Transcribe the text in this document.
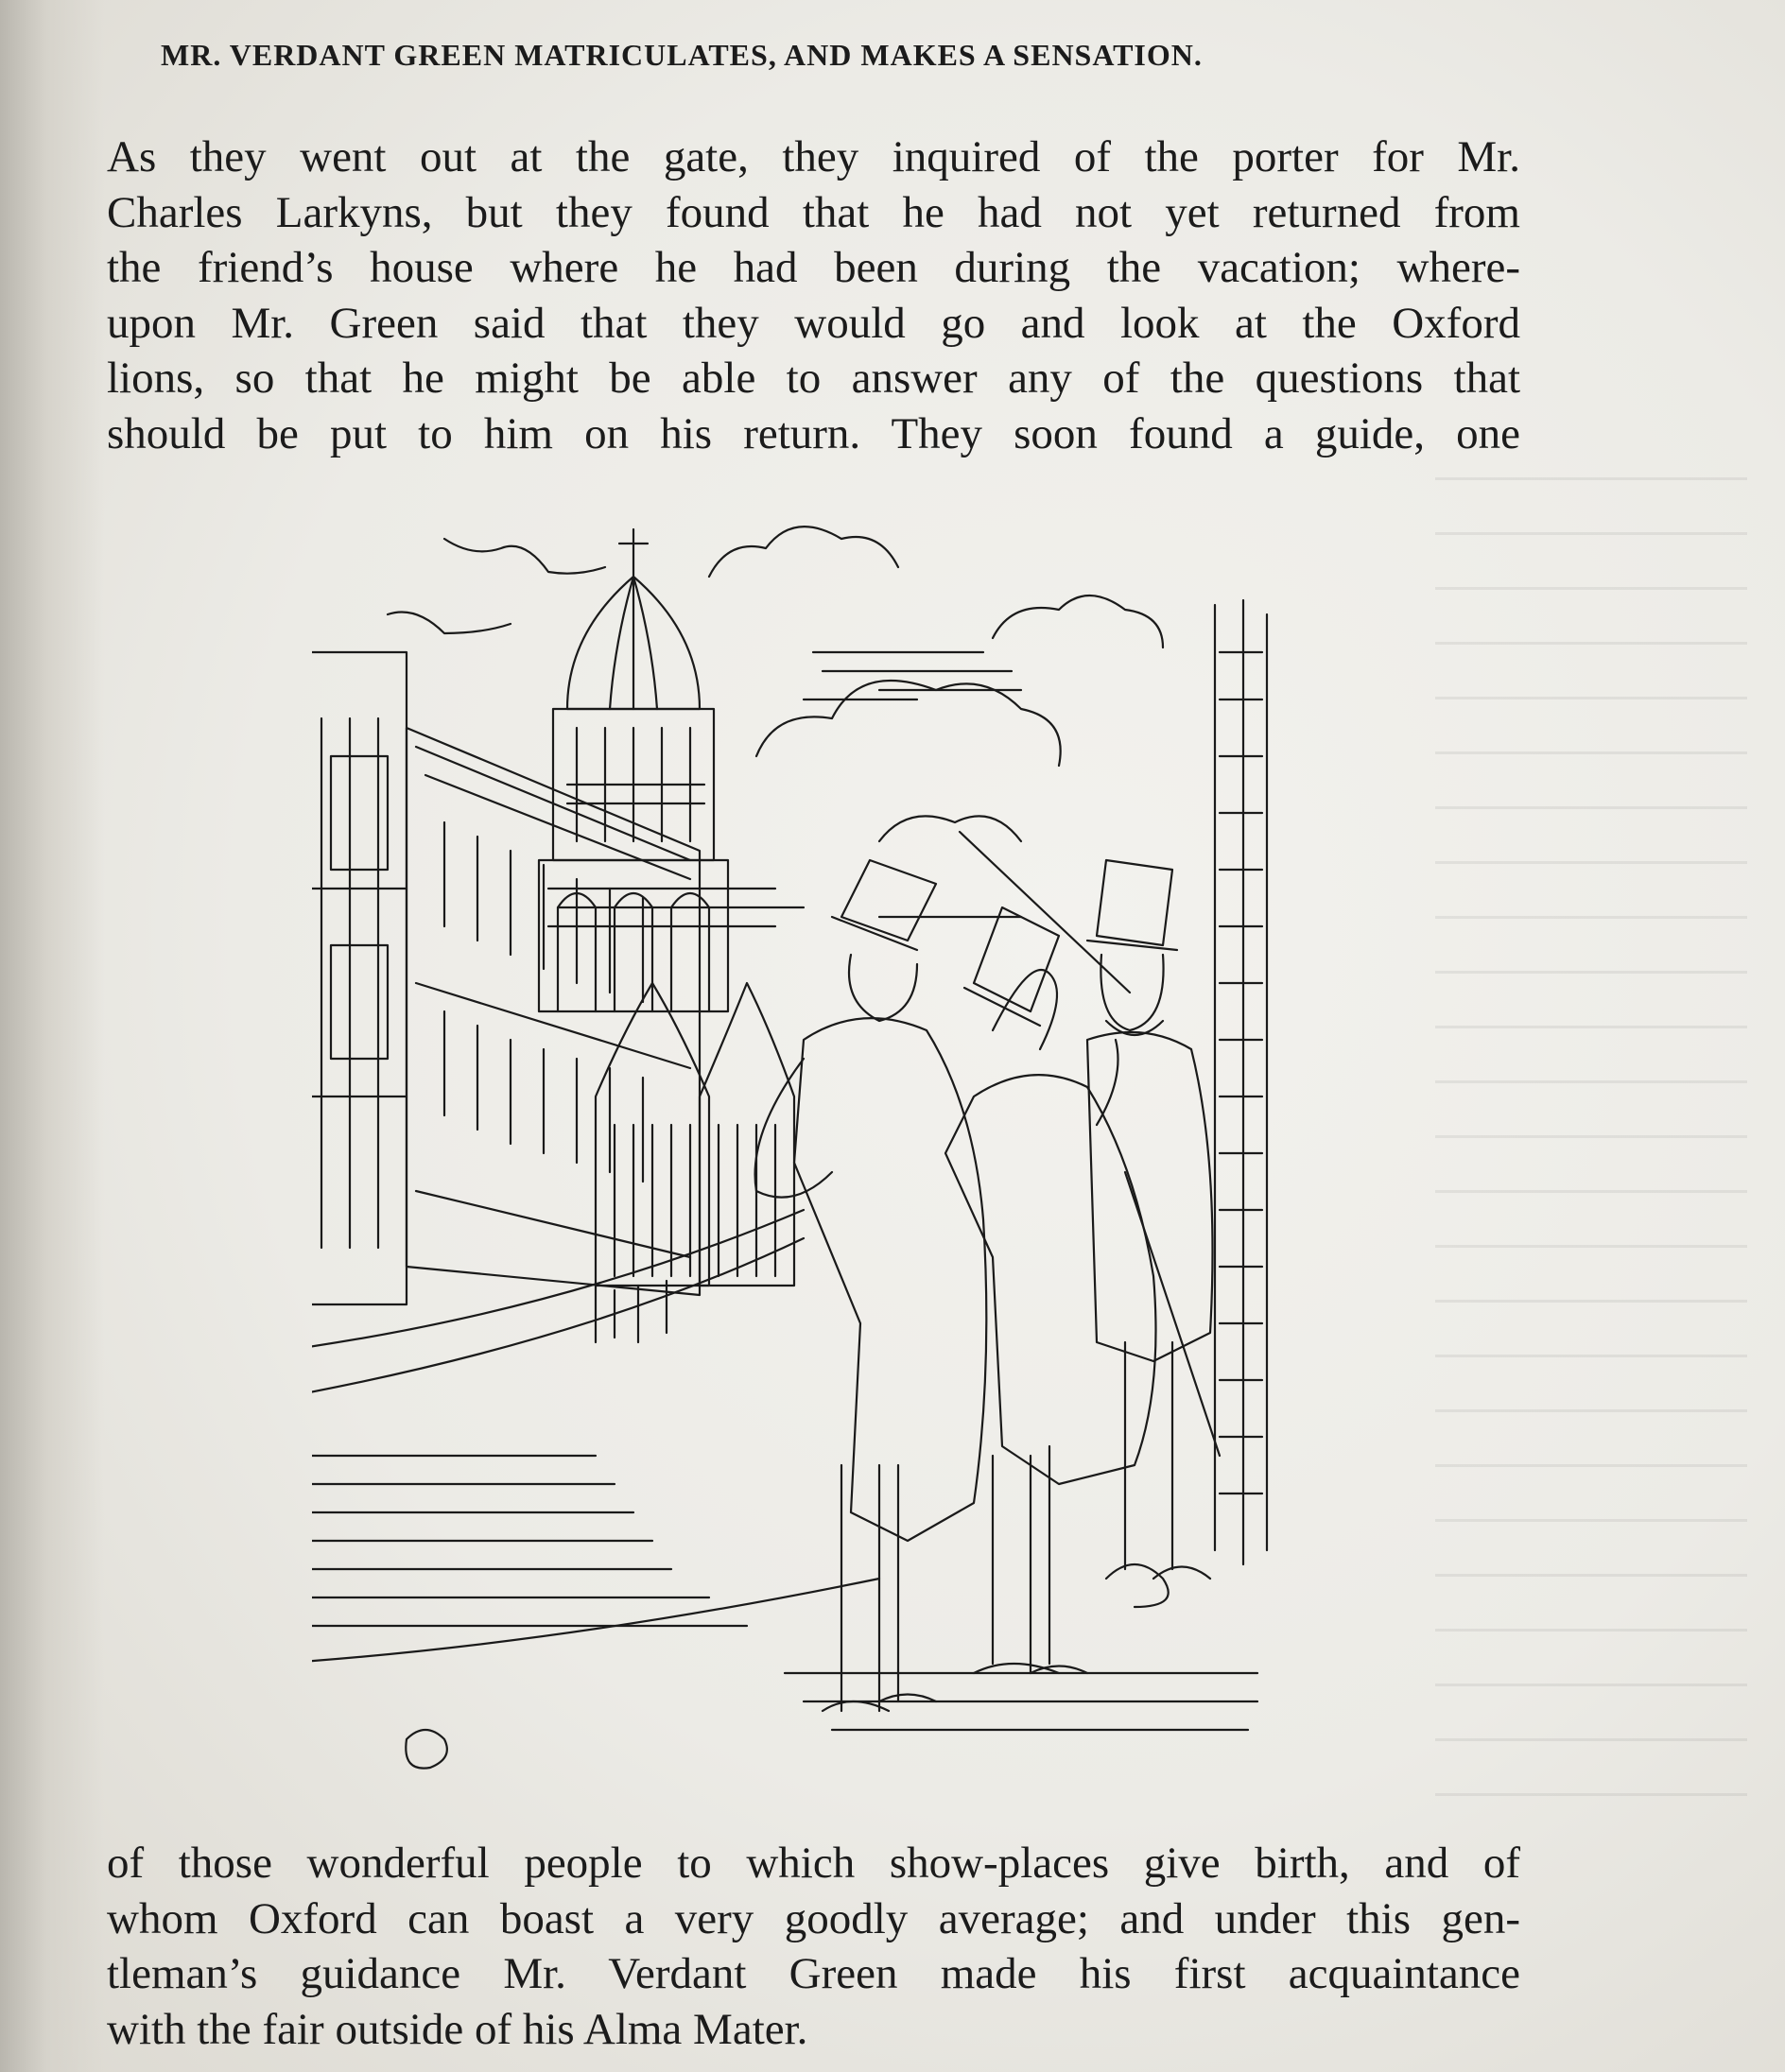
MR. VERDANT GREEN MATRICULATES, AND MAKES A SENSATION.
As they went out at the gate, they inquired of the porter for Mr.
Charles Larkyns, but they found that he had not yet returned from
the friend’s house where he had been during the vacation; where-
upon Mr. Green said that they would go and look at the Oxford
lions, so that he might be able to answer any of the questions that
should be put to him on his return. They soon found a guide, one
of those wonderful people to which show-places give birth, and of
whom Oxford can boast a very goodly average; and under this gen-
tleman’s guidance Mr. Verdant Green made his first acquaintance
with the fair outside of his Alma Mater.
